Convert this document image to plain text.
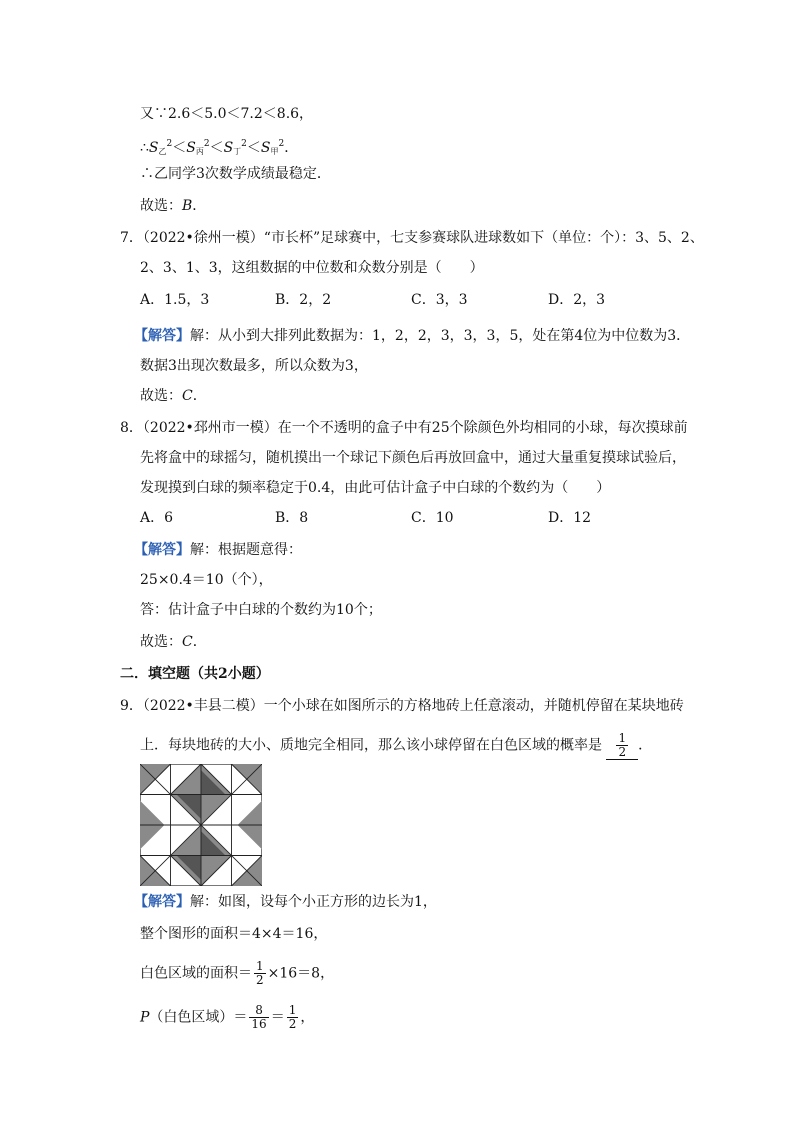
又∵2.6＜5.0＜7.2＜8.6，
$\therefore S_乙^2<S_丙^2<S_丁^2<S_甲^2$．
∴乙同学3次数学成绩最稳定．
故选：B．
7．（2022•徐州一模）“市长杯”足球赛中，七支参赛球队进球数如下（单位：个）：3、5、2、
2、3、1、3，这组数据的中位数和众数分别是（　　）
A．1.5，3	B．2，2	C．3，3	D．2，3
【解答】解：从小到大排列此数据为：1，2，2，3，3，3，5，处在第4位为中位数为3．
数据3出现次数最多，所以众数为3，
故选：C．
8．（2022•邳州市一模）在一个不透明的盒子中有25个除颜色外均相同的小球，每次摸球前
先将盒中的球摇匀，随机摸出一个球记下颜色后再放回盒中，通过大量重复摸球试验后，
发现摸到白球的频率稳定于0.4，由此可估计盒子中白球的个数约为（　　）
A．6	B．8	C．10	D．12
【解答】解：根据题意得：
25×0.4＝10（个），
答：估计盒子中白球的个数约为10个；
故选：C．
二．填空题（共2小题）
9．（2022•丰县二模）一个小球在如图所示的方格地砖上任意滚动，并随机停留在某块地砖
上．每块地砖的大小、质地完全相同，那么该小球停留在白色区域的概率是 $\frac{1}{2}$ ．
【解答】解：如图，设每个小正方形的边长为1，
整个图形的面积＝4×4＝16，
白色区域的面积＝ $\frac{1}{2} \times 16=8$，
P（白色区域）＝ $\frac{8}{16} = \frac{1}{2}$ ，
